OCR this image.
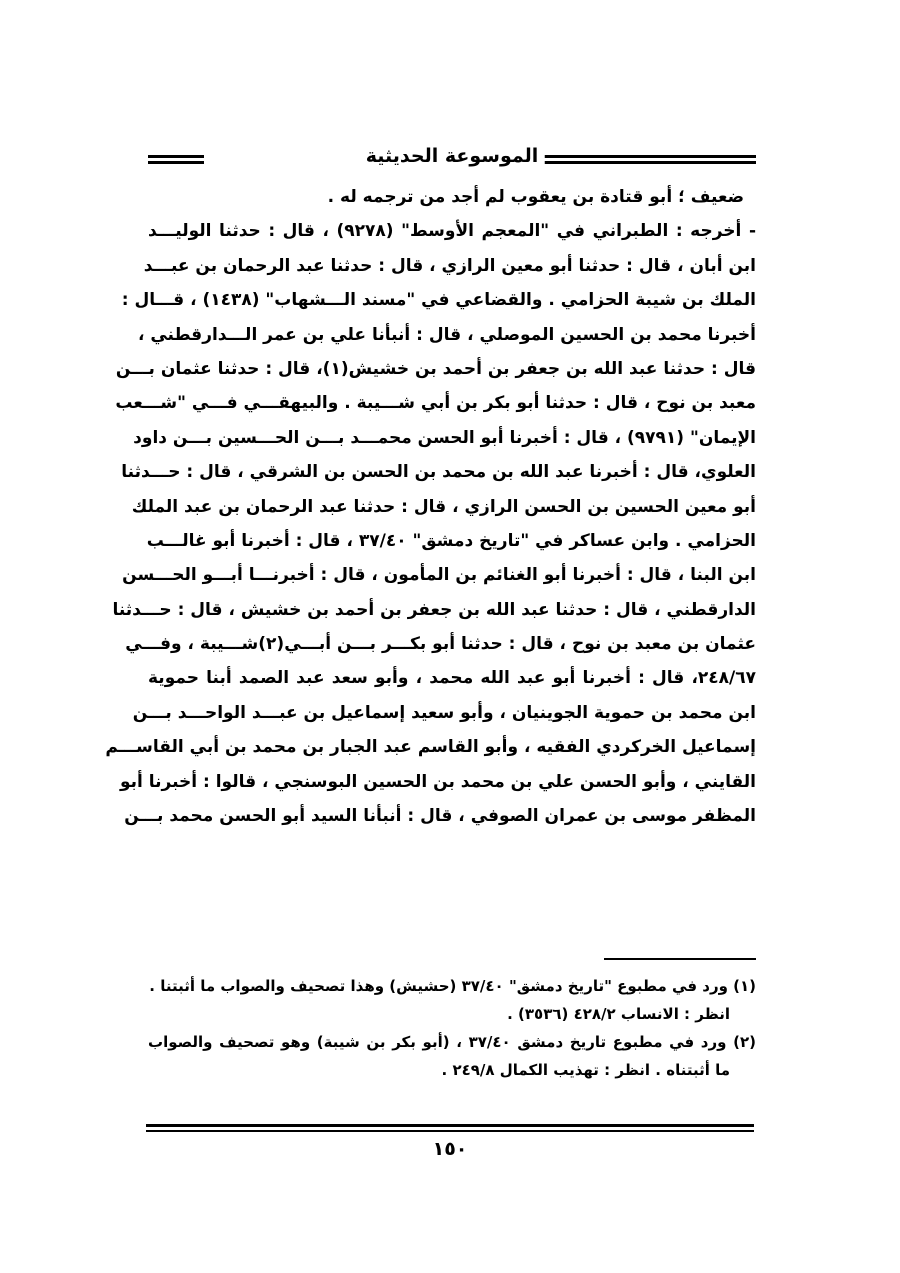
الموسوعة الحديثية
ضعيف ؛ أبو قتادة بن يعقوب لم أجد من ترجمه له .
- أخرجه : الطبراني في "المعجم الأوسط" (٩٢٧٨) ، قال : حدثنا الوليـــد
ابن أبان ، قال : حدثنا أبو معين الرازي ، قال : حدثنا عبد الرحمان بن عبـــد
الملك بن شيبة الحزامي . والقضاعي في "مسند الـــشهاب" (١٤٣٨) ، قـــال :
أخبرنا محمد بن الحسين الموصلي ، قال : أنبأنا علي بن عمر الـــدارقطني ،
قال : حدثنا عبد الله بن جعفر بن أحمد بن خشيش(١)، قال : حدثنا عثمان بـــن
معبد بن نوح ، قال : حدثنا أبو بكر بن أبي شـــيبة . والبيهقـــي فـــي "شـــعب
الإيمان" (٩٧٩١) ، قال : أخبرنا أبو الحسن محمـــد بـــن الحـــسين بـــن داود
العلوي، قال : أخبرنا عبد الله بن محمد بن الحسن بن الشرقي ، قال : حـــدثنا
أبو معين الحسين بن الحسن الرازي ، قال : حدثنا عبد الرحمان بن عبد الملك
الحزامي . وابن عساكر في "تاريخ دمشق" ٣٧/٤٠ ، قال : أخبرنا أبو غالـــب
ابن البنا ، قال : أخبرنا أبو الغنائم بن المأمون ، قال : أخبرنـــا أبـــو الحـــسن
الدارقطني ، قال : حدثنا عبد الله بن جعفر بن أحمد بن خشيش ، قال : حـــدثنا
عثمان بن معبد بن نوح ، قال : حدثنا أبو بكـــر بـــن أبـــي(٢)شـــيبة ، وفـــي
٢٤٨/٦٧، قال : أخبرنا أبو عبد الله محمد ، وأبو سعد عبد الصمد أبنا حموية
ابن محمد بن حموية الجوينيان ، وأبو سعيد إسماعيل بن عبـــد الواحـــد بـــن
إسماعيل الخركردي الفقيه ، وأبو القاسم عبد الجبار بن محمد بن أبي القاســـم
القايني ، وأبو الحسن علي بن محمد بن الحسين البوسنجي ، قالوا : أخبرنا أبو
المظفر موسى بن عمران الصوفي ، قال : أنبأنا السيد أبو الحسن محمد بـــن
(١) ورد في مطبوع "تاريخ دمشق" ٣٧/٤٠ (حشيش) وهذا تصحيف والصواب ما أثبتنا .
انظر : الانساب ٤٢٨/٢ (٣٥٣٦) .
(٢) ورد في مطبوع تاريخ دمشق ٣٧/٤٠ ، (أبو بكر بن شيبة) وهو تصحيف والصواب
ما أثبتناه . انظر : تهذيب الكمال ٢٤٩/٨ .
١٥٠
